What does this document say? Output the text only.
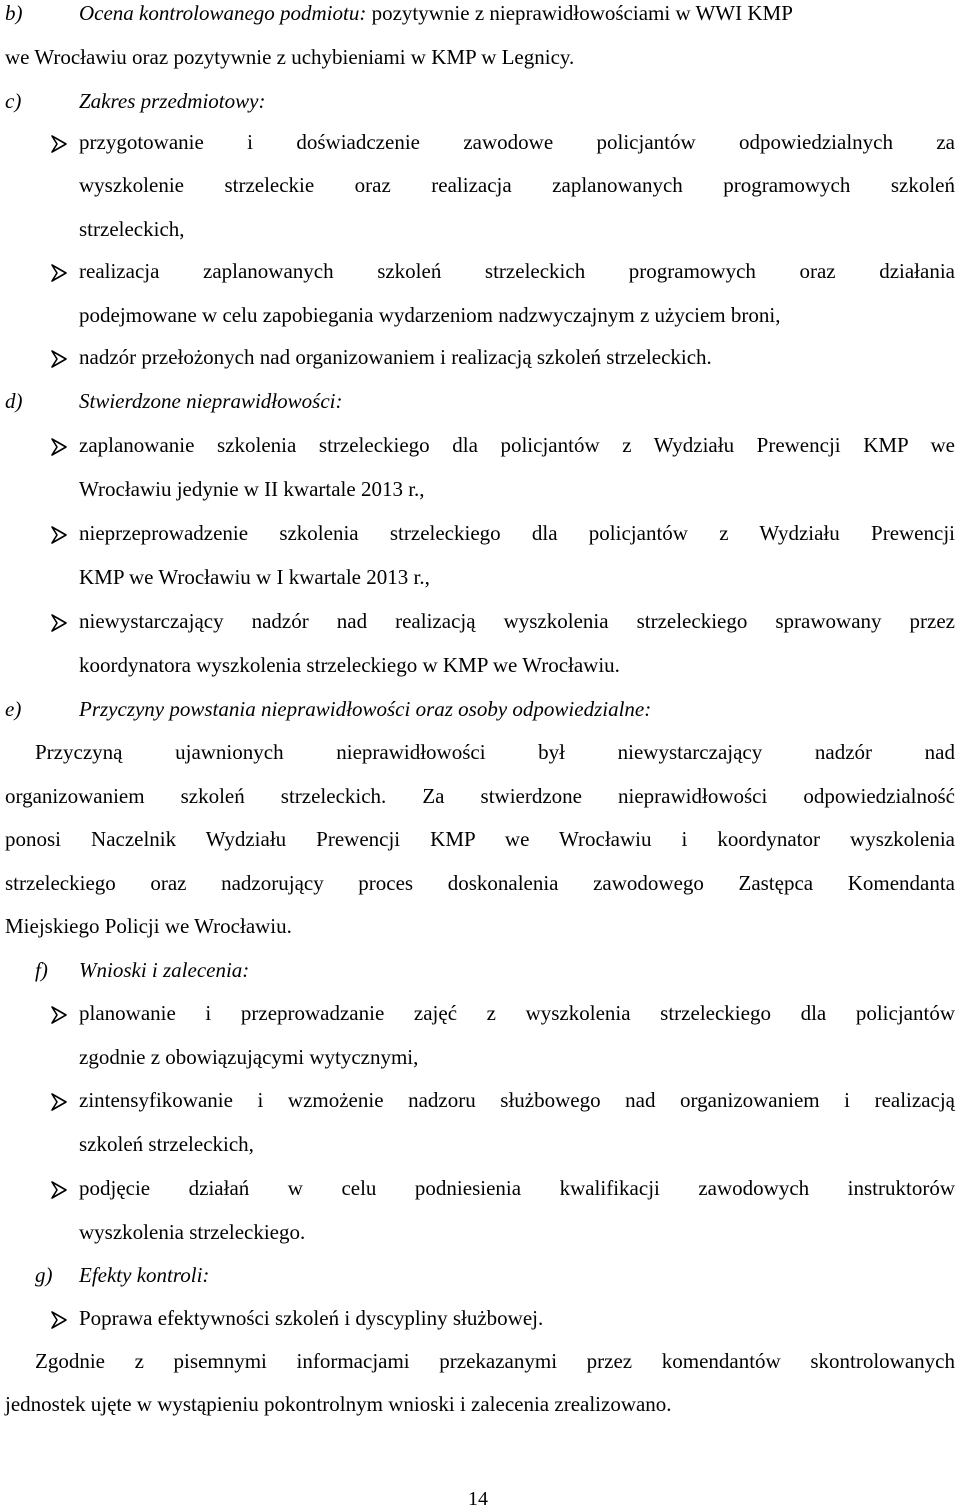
b)	Ocena kontrolowanego podmiotu: pozytywnie z nieprawidłowościami w WWI KMP
we Wrocławiu oraz pozytywnie z uchybieniami w KMP w Legnicy.
c)	Zakres przedmiotowy:
przygotowanie i doświadczenie zawodowe policjantów odpowiedzialnych za
wyszkolenie strzeleckie oraz realizacja zaplanowanych programowych szkoleń
strzeleckich,
realizacja zaplanowanych szkoleń strzeleckich programowych oraz działania
podejmowane w celu zapobiegania wydarzeniom nadzwyczajnym z użyciem broni,
nadzór przełożonych nad organizowaniem i realizacją szkoleń strzeleckich.
d)	Stwierdzone nieprawidłowości:
zaplanowanie szkolenia strzeleckiego dla policjantów z Wydziału Prewencji KMP we
Wrocławiu jedynie w II kwartale 2013 r.,
nieprzeprowadzenie szkolenia strzeleckiego dla policjantów z Wydziału Prewencji
KMP we Wrocławiu w I kwartale 2013 r.,
niewystarczający nadzór nad realizacją wyszkolenia strzeleckiego sprawowany przez
koordynatora wyszkolenia strzeleckiego w KMP we Wrocławiu.
e)	Przyczyny powstania nieprawidłowości oraz osoby odpowiedzialne:
Przyczyną ujawnionych nieprawidłowości był niewystarczający nadzór nad
organizowaniem szkoleń strzeleckich. Za stwierdzone nieprawidłowości odpowiedzialność
ponosi Naczelnik Wydziału Prewencji KMP we Wrocławiu i koordynator wyszkolenia
strzeleckiego oraz nadzorujący proces doskonalenia zawodowego Zastępca Komendanta
Miejskiego Policji we Wrocławiu.
f) Wnioski i zalecenia:
planowanie i przeprowadzanie zajęć z wyszkolenia strzeleckiego dla policjantów
zgodnie z obowiązującymi wytycznymi,
zintensyfikowanie i wzmożenie nadzoru służbowego nad organizowaniem i realizacją
szkoleń strzeleckich,
podjęcie działań w celu podniesienia kwalifikacji zawodowych instruktorów
wyszkolenia strzeleckiego.
g) Efekty kontroli:
Poprawa efektywności szkoleń i dyscypliny służbowej.
Zgodnie z pisemnymi informacjami przekazanymi przez komendantów skontrolowanych
jednostek ujęte w wystąpieniu pokontrolnym wnioski i zalecenia zrealizowano.
14
